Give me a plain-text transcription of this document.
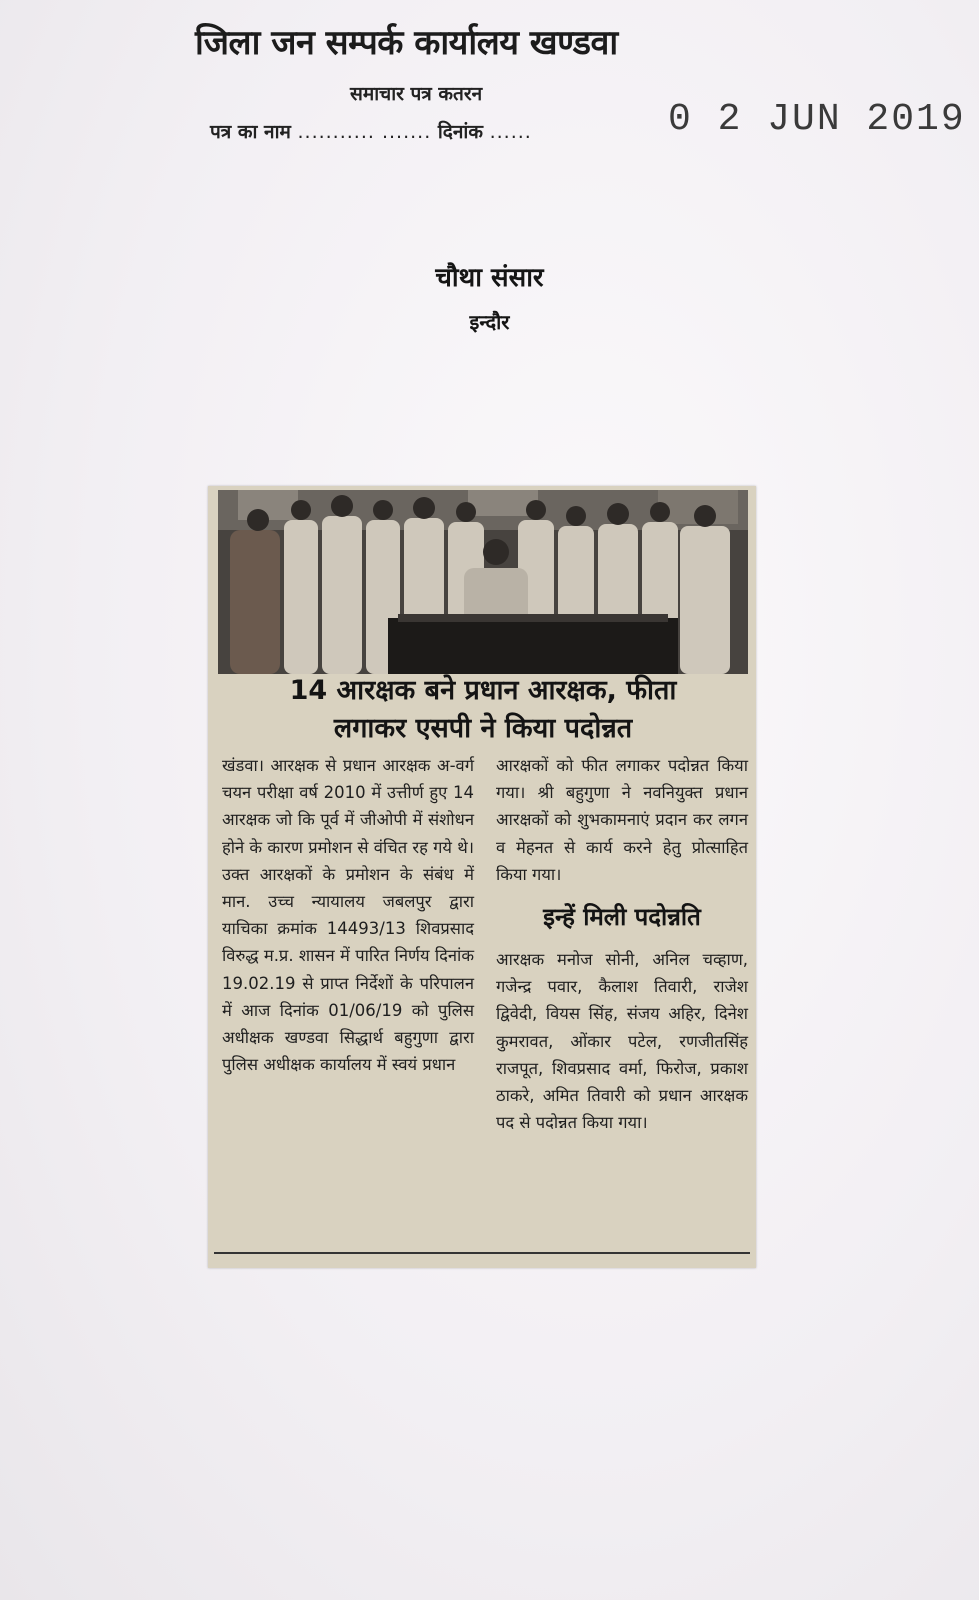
जिला जन सम्पर्क कार्यालय खण्डवा
समाचार पत्र कतरन
पत्र का नाम ........... ....... दिनांक ......	0 2 JUN 2019
चौथा संसार
इन्दौर
14 आरक्षक बने प्रधान आरक्षक, फीता
लगाकर एसपी ने किया पदोन्नत
खंडवा। आरक्षक से प्रधान आरक्षक अ-वर्ग चयन परीक्षा वर्ष 2010 में उत्तीर्ण हुए 14 आरक्षक जो कि पूर्व में जीओपी में संशोधन होने के कारण प्रमोशन से वंचित रह गये थे। उक्त आरक्षकों के प्रमोशन के संबंध में मान. उच्च न्यायालय जबलपुर द्वारा याचिका क्रमांक 14493/13 शिवप्रसाद विरुद्ध म.प्र. शासन में पारित निर्णय दिनांक 19.02.19 से प्राप्त निर्देशों के परिपालन में आज दिनांक 01/06/19 को पुलिस अधीक्षक खण्डवा सिद्धार्थ बहुगुणा द्वारा पुलिस अधीक्षक कार्यालय में स्वयं प्रधान
आरक्षकों को फीत लगाकर पदोन्नत किया गया। श्री बहुगुणा ने नवनियुक्त प्रधान आरक्षकों को शुभकामनाएं प्रदान कर लगन व मेहनत से कार्य करने हेतु प्रोत्साहित किया गया।
इन्हें मिली पदोन्नति
आरक्षक मनोज सोनी, अनिल चव्हाण, गजेन्द्र पवार, कैलाश तिवारी, राजेश द्विवेदी, वियस सिंह, संजय अहिर, दिनेश कुमरावत, ओंकार पटेल, रणजीतसिंह राजपूत, शिवप्रसाद वर्मा, फिरोज, प्रकाश ठाकरे, अमित तिवारी को प्रधान आरक्षक पद से पदोन्नत किया गया।
